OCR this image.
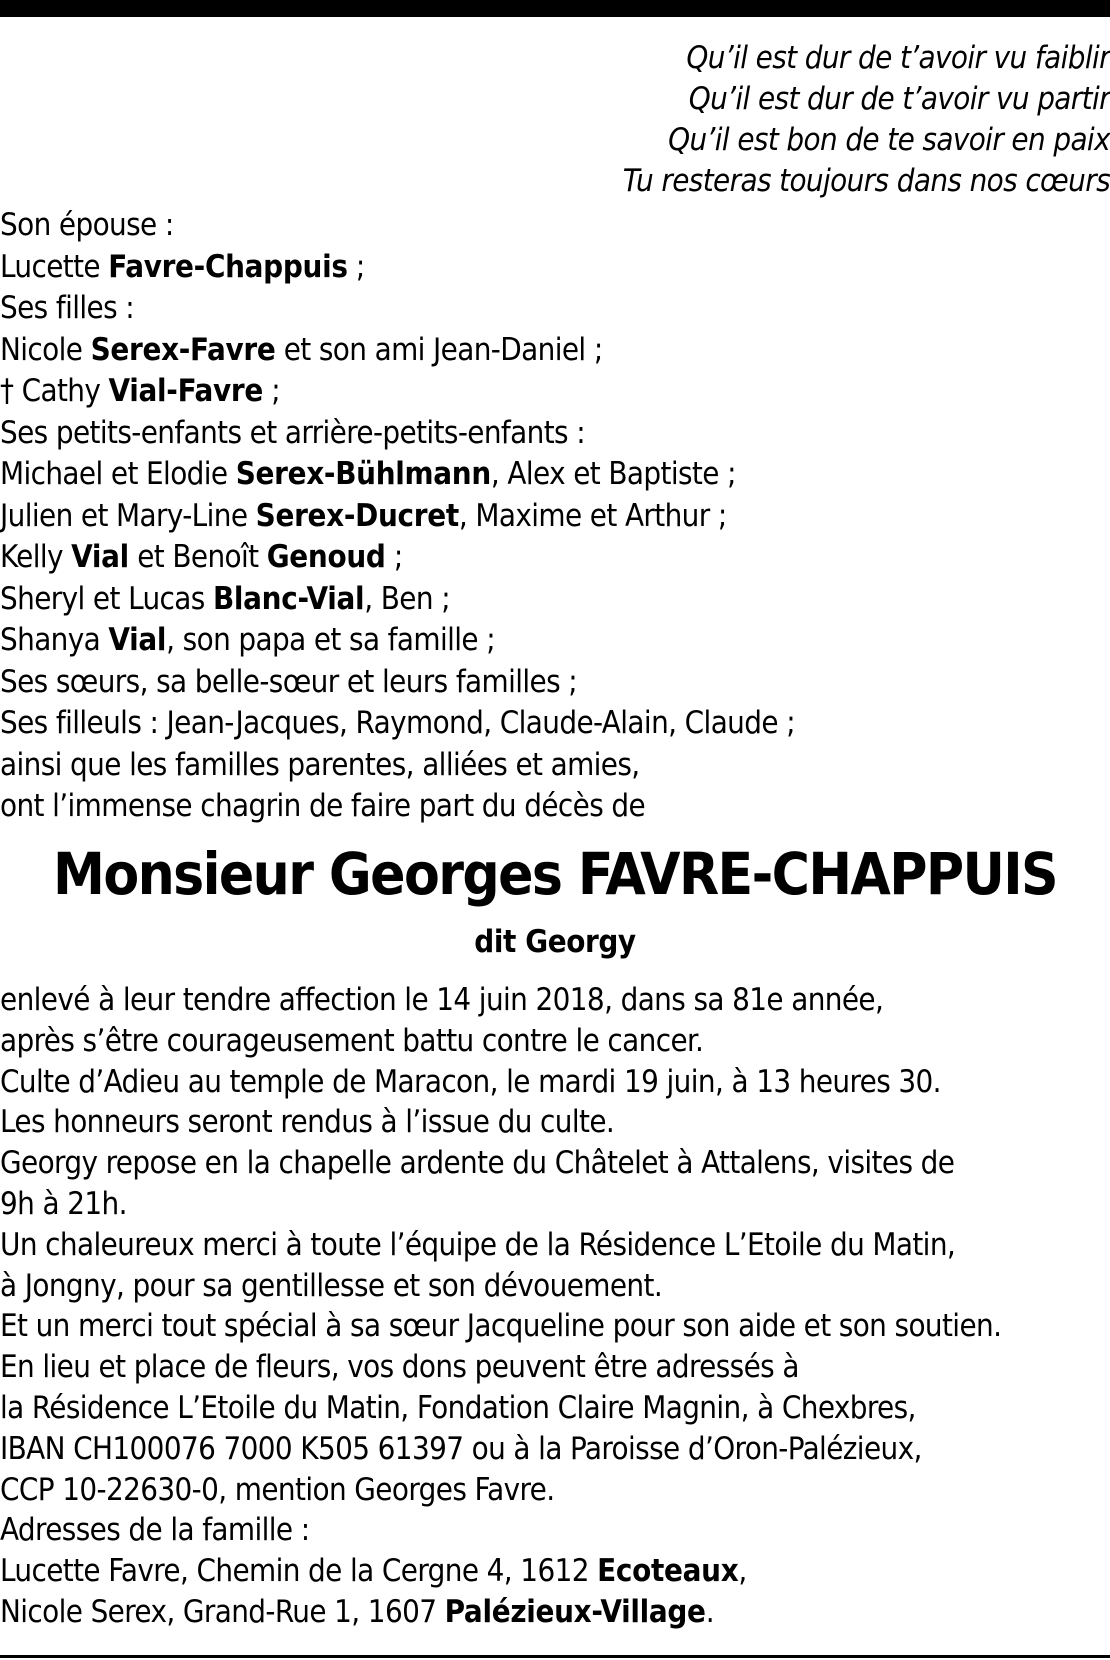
Qu’il est dur de t’avoir vu faiblir
Qu’il est dur de t’avoir vu partir
Qu’il est bon de te savoir en paix
Tu resteras toujours dans nos cœurs
Son épouse :
Lucette Favre-Chappuis ;
Ses filles :
Nicole Serex-Favre et son ami Jean-Daniel ;
† Cathy Vial-Favre ;
Ses petits-enfants et arrière-petits-enfants :
Michael et Elodie Serex-Bühlmann, Alex et Baptiste ;
Julien et Mary-Line Serex-Ducret, Maxime et Arthur ;
Kelly Vial et Benoît Genoud ;
Sheryl et Lucas Blanc-Vial, Ben ;
Shanya Vial, son papa et sa famille ;
Ses sœurs, sa belle-sœur et leurs familles ;
Ses filleuls : Jean-Jacques, Raymond, Claude-Alain, Claude ;
ainsi que les familles parentes, alliées et amies,
ont l’immense chagrin de faire part du décès de
Monsieur Georges FAVRE-CHAPPUIS
dit Georgy
enlevé à leur tendre affection le 14 juin 2018, dans sa 81e année,
après s’être courageusement battu contre le cancer.
Culte d’Adieu au temple de Maracon, le mardi 19 juin, à 13 heures 30.
Les honneurs seront rendus à l’issue du culte.
Georgy repose en la chapelle ardente du Châtelet à Attalens, visites de
9h à 21h.
Un chaleureux merci à toute l’équipe de la Résidence L’Etoile du Matin,
à Jongny, pour sa gentillesse et son dévouement.
Et un merci tout spécial à sa sœur Jacqueline pour son aide et son soutien.
En lieu et place de fleurs, vos dons peuvent être adressés à
la Résidence L’Etoile du Matin, Fondation Claire Magnin, à Chexbres,
IBAN CH100076 7000 K505 61397 ou à la Paroisse d’Oron-Palézieux,
CCP 10-22630-0, mention Georges Favre.
Adresses de la famille :
Lucette Favre, Chemin de la Cergne 4, 1612 Ecoteaux,
Nicole Serex, Grand-Rue 1, 1607 Palézieux-Village.
